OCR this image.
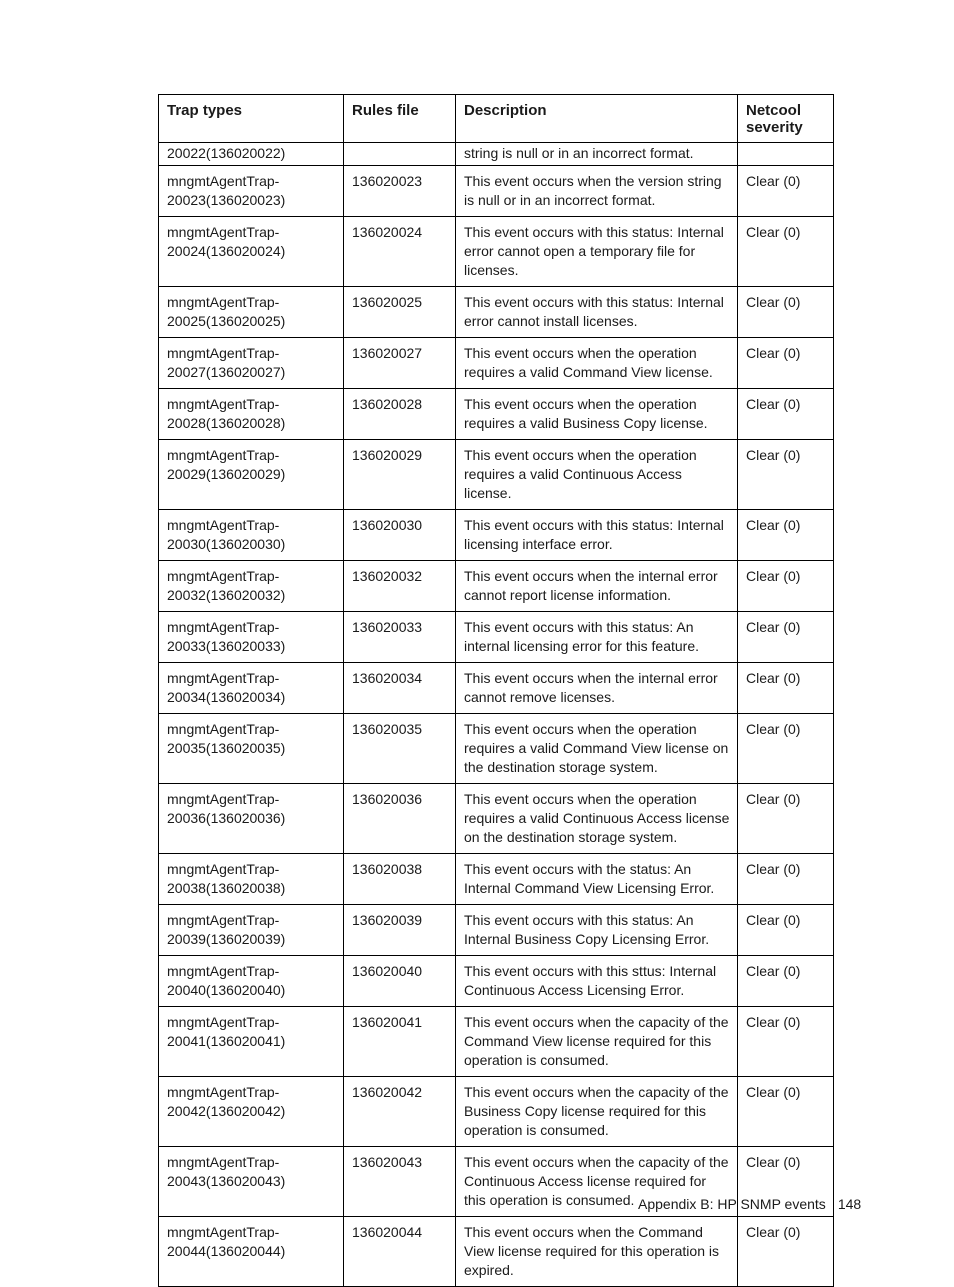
Trap types	Rules file	Description	Netcool severity
20022(136020022)		string is null or in an incorrect format.	
mngmtAgentTrap-
20023(136020023)	136020023	This event occurs when the version string is null or in an incorrect format.	Clear (0)
mngmtAgentTrap-
20024(136020024)	136020024	This event occurs with this status: Internal error cannot open a temporary file for licenses.	Clear (0)
mngmtAgentTrap-
20025(136020025)	136020025	This event occurs with this status: Internal error cannot install licenses.	Clear (0)
mngmtAgentTrap-
20027(136020027)	136020027	This event occurs when the operation requires a valid Command View license.	Clear (0)
mngmtAgentTrap-
20028(136020028)	136020028	This event occurs when the operation requires a valid Business Copy license.	Clear (0)
mngmtAgentTrap-
20029(136020029)	136020029	This event occurs when the operation requires a valid Continuous Access license.	Clear (0)
mngmtAgentTrap-
20030(136020030)	136020030	This event occurs with this status: Internal licensing interface error.	Clear (0)
mngmtAgentTrap-
20032(136020032)	136020032	This event occurs when the internal error cannot report license information.	Clear (0)
mngmtAgentTrap-
20033(136020033)	136020033	This event occurs with this status: An internal licensing error for this feature.	Clear (0)
mngmtAgentTrap-
20034(136020034)	136020034	This event occurs when the internal error cannot remove licenses.	Clear (0)
mngmtAgentTrap-
20035(136020035)	136020035	This event occurs when the operation requires a valid Command View license on the destination storage system.	Clear (0)
mngmtAgentTrap-
20036(136020036)	136020036	This event occurs when the operation requires a valid Continuous Access license on the destination storage system.	Clear (0)
mngmtAgentTrap-
20038(136020038)	136020038	This event occurs with the status: An Internal Command View Licensing Error.	Clear (0)
mngmtAgentTrap-
20039(136020039)	136020039	This event occurs with this status: An Internal Business Copy Licensing Error.	Clear (0)
mngmtAgentTrap-
20040(136020040)	136020040	This event occurs with this sttus: Internal Continuous Access Licensing Error.	Clear (0)
mngmtAgentTrap-
20041(136020041)	136020041	This event occurs when the capacity of the Command View license required for this operation is consumed.	Clear (0)
mngmtAgentTrap-
20042(136020042)	136020042	This event occurs when the capacity of the Business Copy license required for this operation is consumed.	Clear (0)
mngmtAgentTrap-
20043(136020043)	136020043	This event occurs when the capacity of the Continuous Access license required for this operation is consumed.	Clear (0)
mngmtAgentTrap-
20044(136020044)	136020044	This event occurs when the Command View license required for this operation is expired.	Clear (0)
Appendix B: HP SNMP events 148
